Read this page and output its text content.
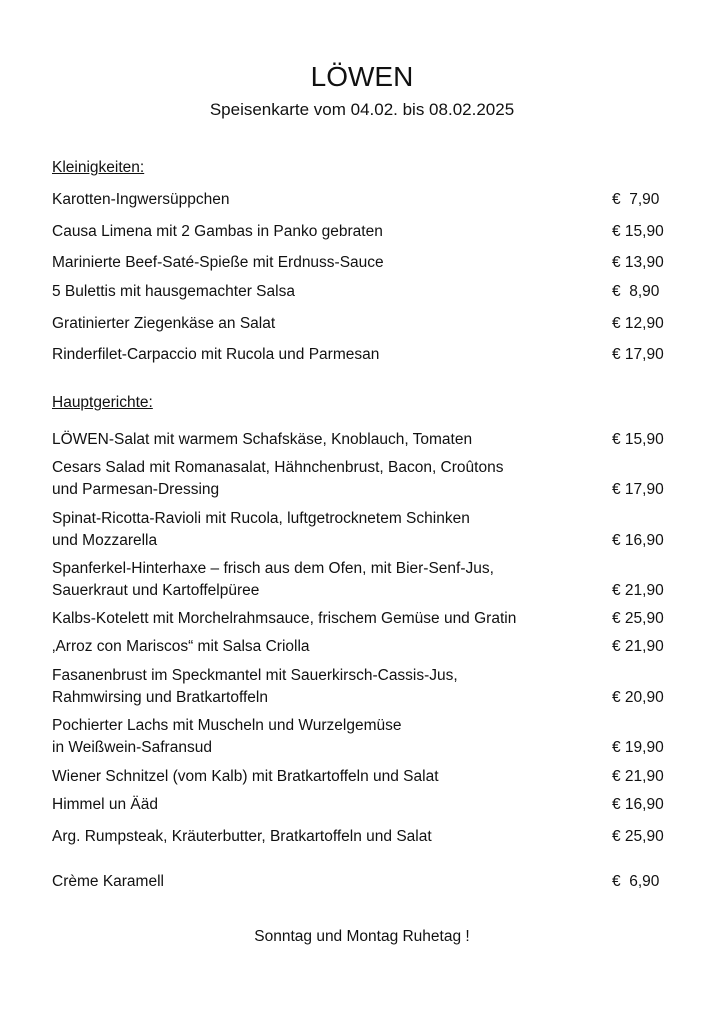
LÖWEN
Speisenkarte vom 04.02. bis 08.02.2025
Kleinigkeiten:
Karotten-Ingwersüppchen	€  7,90
Causa Limena mit 2 Gambas in Panko gebraten	€ 15,90
Marinierte Beef-Saté-Spieße mit Erdnuss-Sauce	€ 13,90
5 Bulettis mit hausgemachter Salsa	€  8,90
Gratinierter Ziegenkäse an Salat	€ 12,90
Rinderfilet-Carpaccio mit Rucola und Parmesan	€ 17,90
Hauptgerichte:
LÖWEN-Salat mit warmem Schafskäse, Knoblauch, Tomaten	€ 15,90
Cesars Salad mit Romanasalat, Hähnchenbrust, Bacon, Croûtons
und Parmesan-Dressing	€ 17,90
Spinat-Ricotta-Ravioli mit Rucola, luftgetrocknetem Schinken
und Mozzarella	€ 16,90
Spanferkel-Hinterhaxe – frisch aus dem Ofen, mit Bier-Senf-Jus,
Sauerkraut und Kartoffelpüree	€ 21,90
Kalbs-Kotelett mit Morchelrahmsauce, frischem Gemüse und Gratin	€ 25,90
‚Arroz con Mariscos“ mit Salsa Criolla	€ 21,90
Fasanenbrust im Speckmantel mit Sauerkirsch-Cassis-Jus,
Rahmwirsing und Bratkartoffeln	€ 20,90
Pochierter Lachs mit Muscheln und Wurzelgemüse
in Weißwein-Safransud	€ 19,90
Wiener Schnitzel (vom Kalb) mit Bratkartoffeln und Salat	€ 21,90
Himmel un Ääd	€ 16,90
Arg. Rumpsteak, Kräuterbutter, Bratkartoffeln und Salat	€ 25,90
Crème Karamell	€  6,90
Sonntag und Montag Ruhetag !
